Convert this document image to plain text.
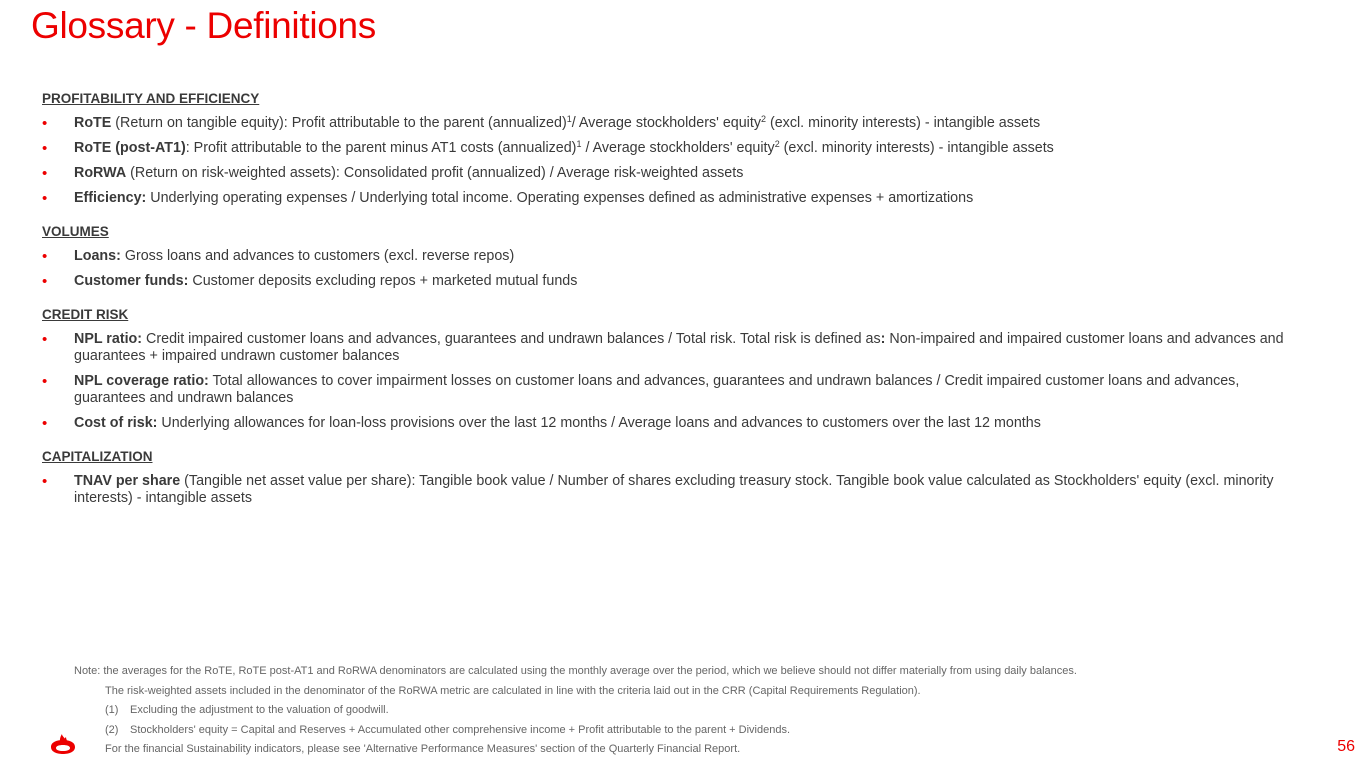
Glossary - Definitions
PROFITABILITY AND EFFICIENCY
• RoTE (Return on tangible equity): Profit attributable to the parent (annualized)$^1$/ Average stockholders' equity$^2$ (excl. minority interests) - intangible assets
• RoTE (post-AT1): Profit attributable to the parent minus AT1 costs (annualized)$^1$ / Average stockholders' equity$^2$ (excl. minority interests) - intangible assets
• RoRWA (Return on risk-weighted assets): Consolidated profit (annualized) / Average risk-weighted assets
• Efficiency: Underlying operating expenses / Underlying total income. Operating expenses defined as administrative expenses + amortizations
VOLUMES
• Loans: Gross loans and advances to customers (excl. reverse repos)
• Customer funds: Customer deposits excluding repos + marketed mutual funds
CREDIT RISK
• NPL ratio: Credit impaired customer loans and advances, guarantees and undrawn balances / Total risk. Total risk is defined as: Non-impaired and impaired customer loans and advances and guarantees + impaired undrawn customer balances
• NPL coverage ratio: Total allowances to cover impairment losses on customer loans and advances, guarantees and undrawn balances / Credit impaired customer loans and advances, guarantees and undrawn balances
• Cost of risk: Underlying allowances for loan-loss provisions over the last 12 months / Average loans and advances to customers over the last 12 months
CAPITALIZATION
• TNAV per share (Tangible net asset value per share): Tangible book value / Number of shares excluding treasury stock. Tangible book value calculated as Stockholders' equity (excl. minority interests) - intangible assets
Note: the averages for the RoTE, RoTE post-AT1 and RoRWA denominators are calculated using the monthly average over the period, which we believe should not differ materially from using daily balances.
The risk-weighted assets included in the denominator of the RoRWA metric are calculated in line with the criteria laid out in the CRR (Capital Requirements Regulation).
(1) Excluding the adjustment to the valuation of goodwill.
(2) Stockholders' equity = Capital and Reserves + Accumulated other comprehensive income + Profit attributable to the parent + Dividends.
For the financial Sustainability indicators, please see 'Alternative Performance Measures' section of the Quarterly Financial Report.	56
